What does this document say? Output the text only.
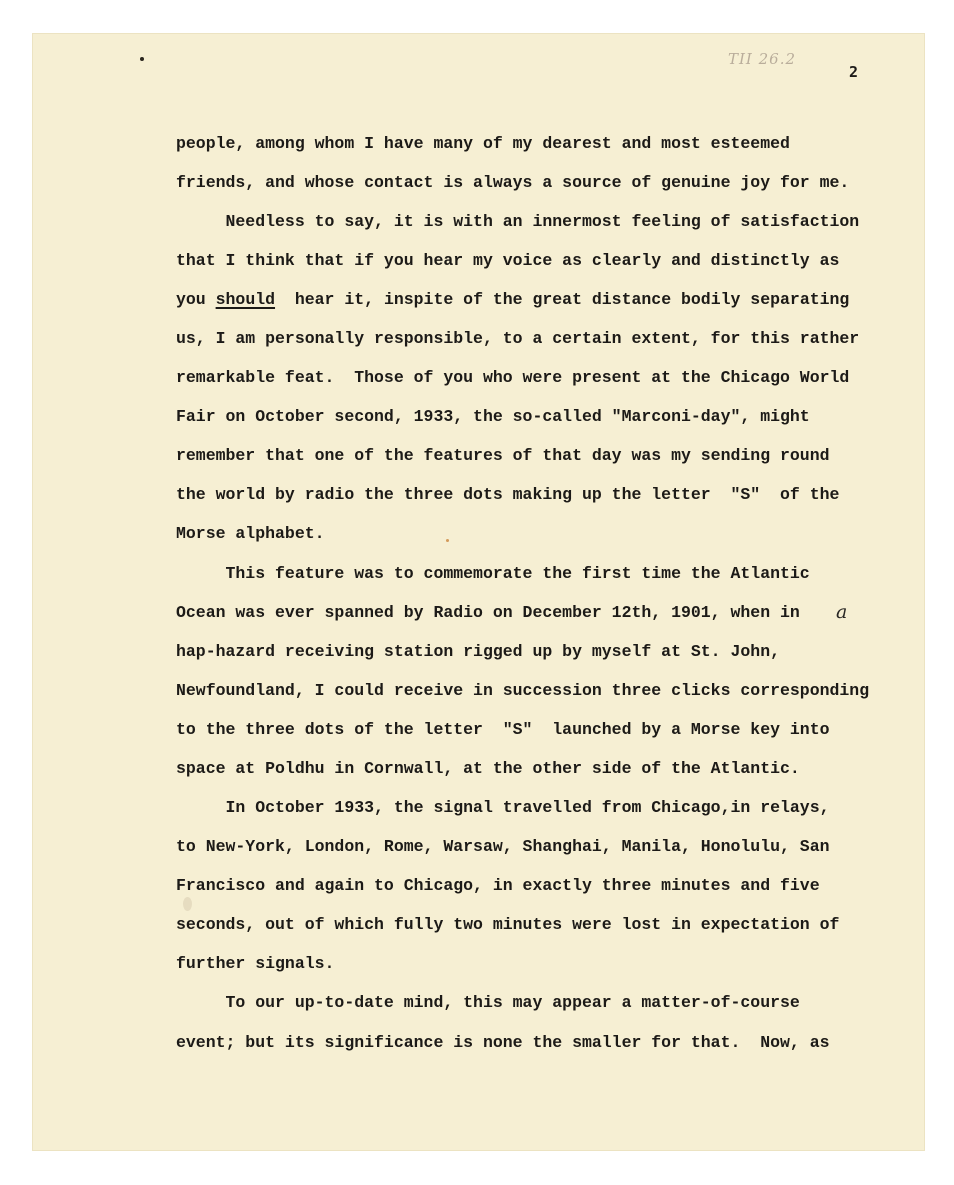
TII 26.2
2
people, among whom I have many of my dearest and most esteemed
friends, and whose contact is always a source of genuine joy for me.
Needless to say, it is with an innermost feeling of satisfaction
that I think that if you hear my voice as clearly and distinctly as
you should  hear it, inspite of the great distance bodily separating
us, I am personally responsible, to a certain extent, for this rather
remarkable feat.  Those of you who were present at the Chicago World
Fair on October second, 1933, the so-called "Marconi-day", might
remember that one of the features of that day was my sending round
the world by radio the three dots making up the letter  "S"  of the
Morse alphabet.
This feature was to commemorate the first time the Atlantic
Ocean was ever spanned by Radio on December 12th, 1901, when in a
hap-hazard receiving station rigged up by myself at St. John,
Newfoundland, I could receive in succession three clicks corresponding
to the three dots of the letter  "S"  launched by a Morse key into
space at Poldhu in Cornwall, at the other side of the Atlantic.
In October 1933, the signal travelled from Chicago,in relays,
to New-York, London, Rome, Warsaw, Shanghai, Manila, Honolulu, San
Francisco and again to Chicago, in exactly three minutes and five
seconds, out of which fully two minutes were lost in expectation of
further signals.
To our up-to-date mind, this may appear a matter-of-course
event; but its significance is none the smaller for that.  Now, as
